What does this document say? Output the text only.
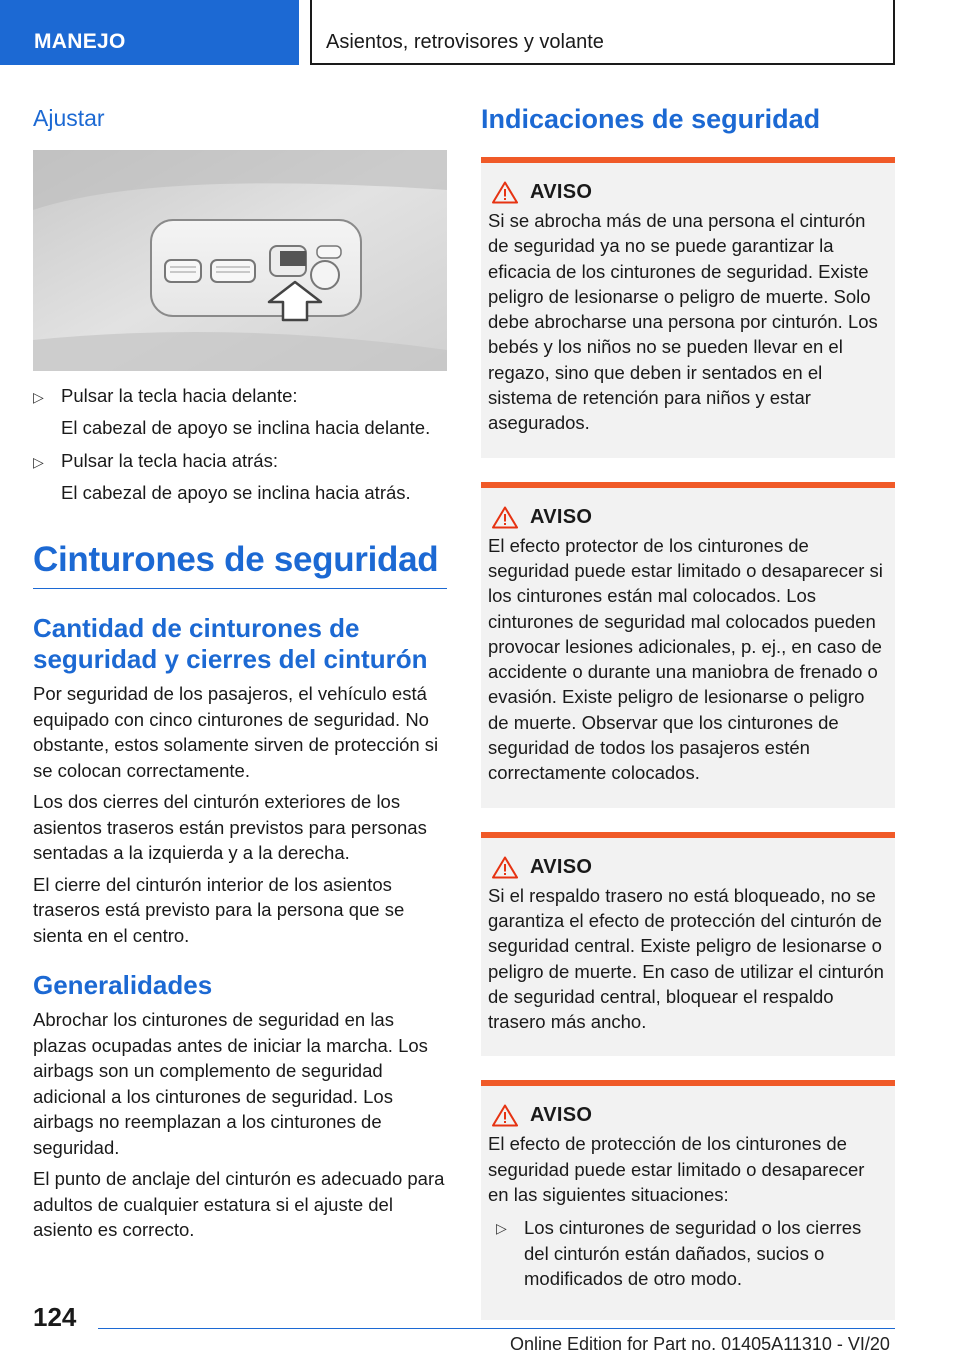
MANEJO	Asientos, retrovisores y volante
Ajustar
▷ Pulsar la tecla hacia delante:
El cabezal de apoyo se inclina hacia delante.
▷ Pulsar la tecla hacia atrás:
El cabezal de apoyo se inclina hacia atrás.
Cinturones de seguridad
Cantidad de cinturones de seguridad y cierres del cinturón
Por seguridad de los pasajeros, el vehículo está equipado con cinco cinturones de seguridad. No obstante, estos solamente sirven de protección si se colocan correctamente.
Los dos cierres del cinturón exteriores de los asientos traseros están previstos para personas sentadas a la izquierda y a la derecha.
El cierre del cinturón interior de los asientos traseros está previsto para la persona que se sienta en el centro.
Generalidades
Abrochar los cinturones de seguridad en las plazas ocupadas antes de iniciar la marcha. Los airbags son un complemento de seguridad adicional a los cinturones de seguridad. Los airbags no reemplazan a los cinturones de seguridad.
El punto de anclaje del cinturón es adecuado para adultos de cualquier estatura si el ajuste del asiento es correcto.
Indicaciones de seguridad
AVISO
Si se abrocha más de una persona el cinturón de seguridad ya no se puede garantizar la eficacia de los cinturones de seguridad. Existe peligro de lesionarse o peligro de muerte. Solo debe abrocharse una persona por cinturón. Los bebés y los niños no se pueden llevar en el regazo, sino que deben ir sentados en el sistema de retención para niños y estar asegurados.
AVISO
El efecto protector de los cinturones de seguridad puede estar limitado o desaparecer si los cinturones están mal colocados. Los cinturones de seguridad mal colocados pueden provocar lesiones adicionales, p. ej., en caso de accidente o durante una maniobra de frenado o evasión. Existe peligro de lesionarse o peligro de muerte. Observar que los cinturones de seguridad de todos los pasajeros estén correctamente colocados.
AVISO
Si el respaldo trasero no está bloqueado, no se garantiza el efecto de protección del cinturón de seguridad central. Existe peligro de lesionarse o peligro de muerte. En caso de utilizar el cinturón de seguridad central, bloquear el respaldo trasero más ancho.
AVISO
El efecto de protección de los cinturones de seguridad puede estar limitado o desaparecer en las siguientes situaciones:
▷ Los cinturones de seguridad o los cierres del cinturón están dañados, sucios o modificados de otro modo.
124
Online Edition for Part no. 01405A11310 - VI/20
